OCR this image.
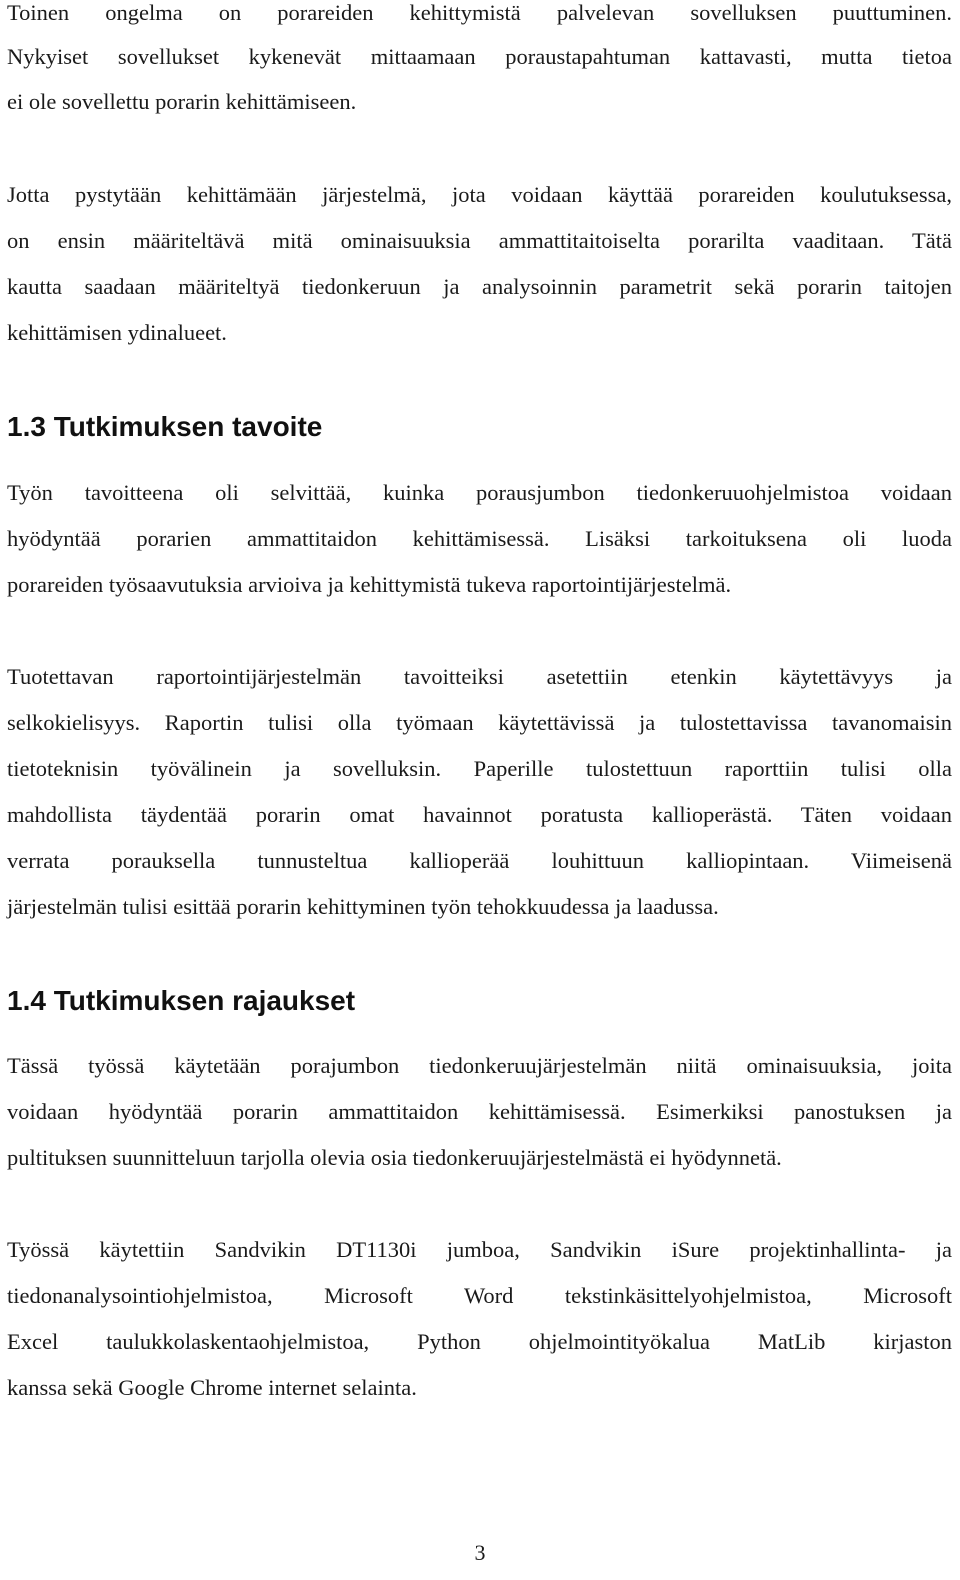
Toinen ongelma on porareiden kehittymistä palvelevan sovelluksen puuttuminen.
Nykyiset sovellukset kykenevät mittaamaan poraustapahtuman kattavasti, mutta tietoa
ei ole sovellettu porarin kehittämiseen.
Jotta pystytään kehittämään järjestelmä, jota voidaan käyttää porareiden koulutuksessa,
on ensin määriteltävä mitä ominaisuuksia ammattitaitoiselta porarilta vaaditaan. Tätä
kautta saadaan määriteltyä tiedonkeruun ja analysoinnin parametrit sekä porarin taitojen
kehittämisen ydinalueet.
1.3 Tutkimuksen tavoite
Työn tavoitteena oli selvittää, kuinka porausjumbon tiedonkeruuohjelmistoa voidaan
hyödyntää porarien ammattitaidon kehittämisessä. Lisäksi tarkoituksena oli luoda
porareiden työsaavutuksia arvioiva ja kehittymistä tukeva raportointijärjestelmä.
Tuotettavan raportointijärjestelmän tavoitteiksi asetettiin etenkin käytettävyys ja
selkokielisyys. Raportin tulisi olla työmaan käytettävissä ja tulostettavissa tavanomaisin
tietoteknisin työvälinein ja sovelluksin. Paperille tulostettuun raporttiin tulisi olla
mahdollista täydentää porarin omat havainnot poratusta kallioperästä. Täten voidaan
verrata porauksella tunnusteltua kallioperää louhittuun kalliopintaan. Viimeisenä
järjestelmän tulisi esittää porarin kehittyminen työn tehokkuudessa ja laadussa.
1.4 Tutkimuksen rajaukset
Tässä työssä käytetään porajumbon tiedonkeruujärjestelmän niitä ominaisuuksia, joita
voidaan hyödyntää porarin ammattitaidon kehittämisessä. Esimerkiksi panostuksen ja
pultituksen suunnitteluun tarjolla olevia osia tiedonkeruujärjestelmästä ei hyödynnetä.
Työssä käytettiin Sandvikin DT1130i jumboa, Sandvikin iSure projektinhallinta- ja
tiedonanalysointiohjelmistoa, Microsoft Word tekstinkäsittelyohjelmistoa, Microsoft
Excel taulukkolaskentaohjelmistoa, Python ohjelmointityökalua MatLib kirjaston
kanssa sekä Google Chrome internet selainta.
3
